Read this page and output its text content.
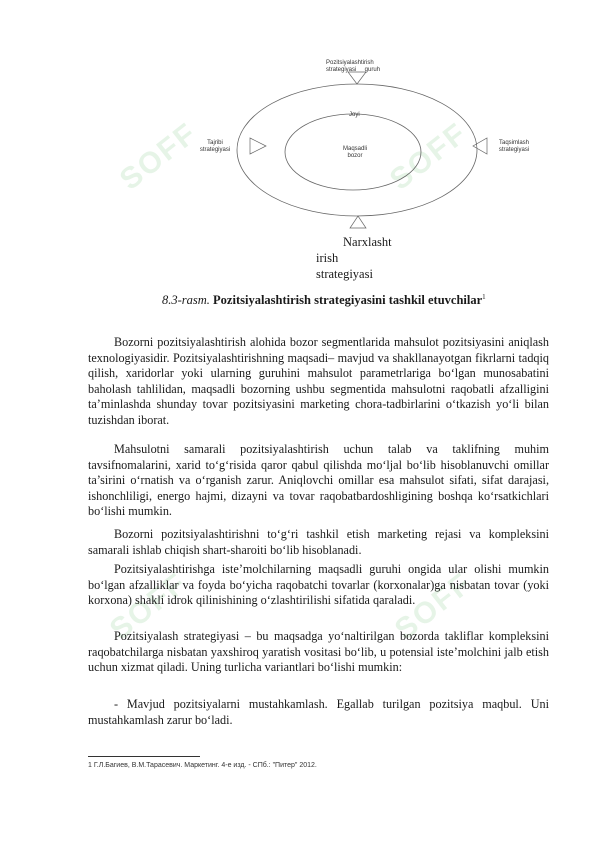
SOFF	SOFF
SOFF	SOFF
Pozitsiyalashtirish
strategiyasi     guruh
Joyi
Maqsadli
bozor
Tajribi
strategiyasi
Taqsimlash
strategiyasi
Narxlasht
irish
strategiyasi
8.3-rasm. Pozitsiyalashtirish strategiyasini tashkil etuvchilar$^1$
Bozorni pozitsiyalashtirish alohida bozor segmentlarida mahsulot pozitsiyasini aniqlash texnologiyasidir. Pozitsiyalashtirishning maqsadi– mavjud va shakllanayotgan fikrlarni tadqiq qilish, xaridorlar yoki ularning guruhini mahsulot parametrlariga bo‘lgan munosabatini baholash tahlilidan, maqsadli bozorning ushbu segmentida mahsulotni raqobatli afzalligini ta’minlashda shunday tovar pozitsiyasini marketing chora-tadbirlarini o‘tkazish yo‘li bilan tuzishdan iborat.
Mahsulotni samarali pozitsiyalashtirish uchun talab va taklifning muhim tavsifnomalarini, xarid to‘g‘risida qaror qabul qilishda mo‘ljal bo‘lib hisoblanuvchi omillar ta’sirini o‘rnatish va o‘rganish zarur. Aniqlovchi omillar esa mahsulot sifati, sifat darajasi, ishonchliligi, energo hajmi, dizayni va tovar raqobatbardoshligining boshqa ko‘rsatkichlari bo‘lishi mumkin.
Bozorni pozitsiyalashtirishni to‘g‘ri tashkil etish marketing rejasi va kompleksini samarali ishlab chiqish shart-sharoiti bo‘lib hisoblanadi.
Pozitsiyalashtirishga iste’molchilarning maqsadli guruhi ongida ular olishi mumkin bo‘lgan afzalliklar va foyda bo‘yicha raqobatchi tovarlar (korxonalar)ga nisbatan tovar (yoki korxona) shakli idrok qilinishining o‘zlashtirilishi sifatida qaraladi.
Pozitsiyalash strategiyasi – bu maqsadga yo‘naltirilgan bozorda takliflar kompleksini raqobatchilarga nisbatan yaxshiroq yaratish vositasi bo‘lib, u potensial iste’molchini jalb etish uchun xizmat qiladi. Uning turlicha variantlari bo‘lishi mumkin:
- Mavjud pozitsiyalarni mustahkamlash. Egallab turilgan pozitsiya maqbul. Uni mustahkamlash zarur bo‘ladi.
1 Г.Л.Багиев, В.М.Тарасевич. Маркетинг. 4-е изд. - СПб.: "Питер" 2012.
